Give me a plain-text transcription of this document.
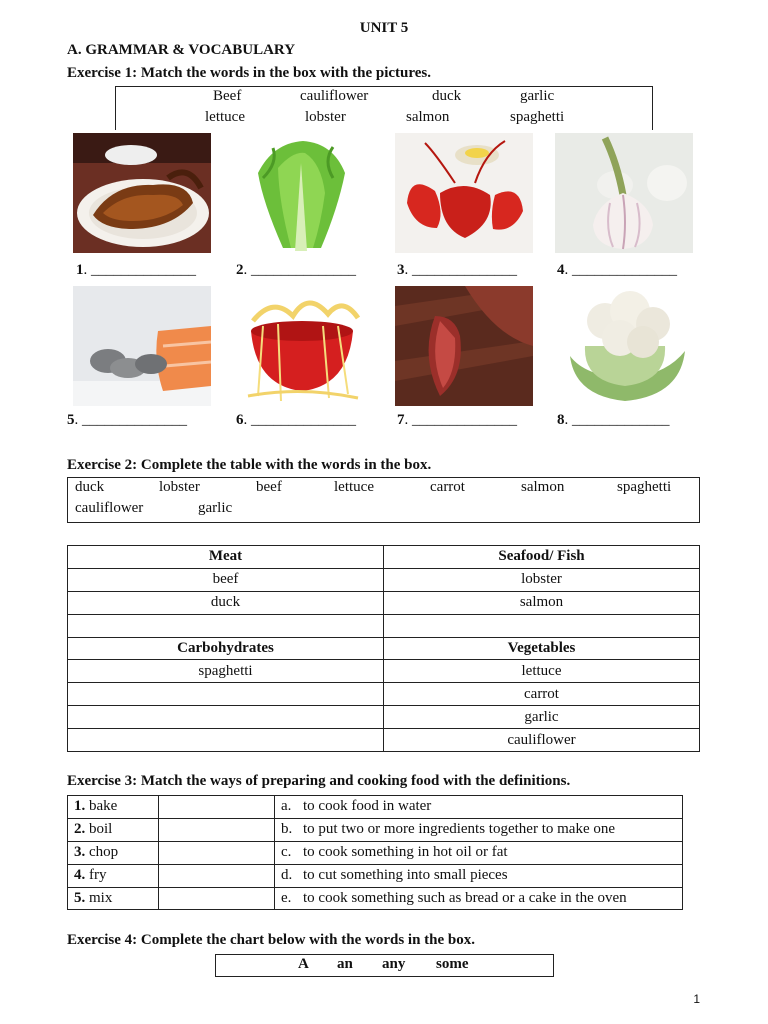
UNIT 5
A. GRAMMAR & VOCABULARY
Exercise 1: Match the words in the box with the pictures.
Beef	cauliflower	duck	garlic
lettuce	lobster	salmon	spaghetti
1. ______________	2. ______________	3. ______________	4. ______________
5. ______________	6. ______________	7. ______________	8. _____________
Exercise 2: Complete the table with the words in the box.
duck	lobster	beef	lettuce	carrot	salmon	spaghetti
cauliflower	garlic
Meat	Seafood/ Fish
beef	lobster
duck	salmon

Carbohydrates	Vegetables
spaghetti	lettuce
	carrot
	garlic
	cauliflower
Exercise 3: Match the ways of preparing and cooking food with the definitions.
1. bake		a. to cook food in water
2. boil		b. to put two or more ingredients together to make one
3. chop		c. to cook something in hot oil or fat
4. fry		d. to cut something into small pieces
5. mix		e. to cook something such as bread or a cake in the oven
Exercise 4: Complete the chart below with the words in the box.
A an any some
1
